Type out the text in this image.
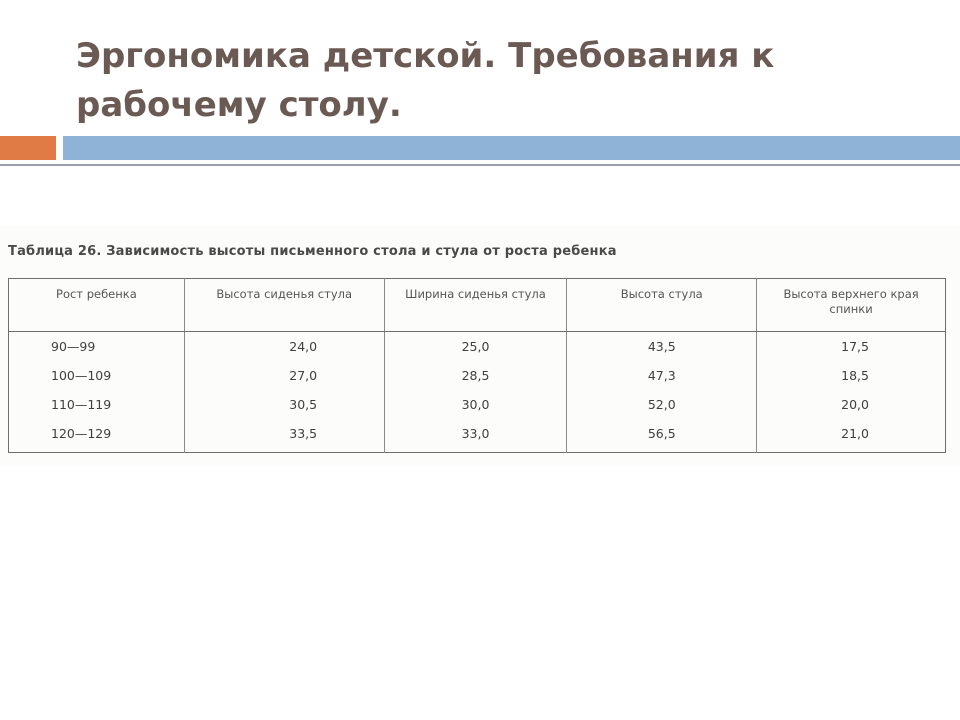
Эргономика детской. Требования к рабочему столу.

Таблица 26. Зависимость высоты письменного стола и стула от роста ребенка

Рост ребенка	Высота сиденья стула	Ширина сиденья стула	Высота стула	Высота верхнего края спинки
90—99	24,0	25,0	43,5	17,5
100—109	27,0	28,5	47,3	18,5
110—119	30,5	30,0	52,0	20,0
120—129	33,5	33,0	56,5	21,0
